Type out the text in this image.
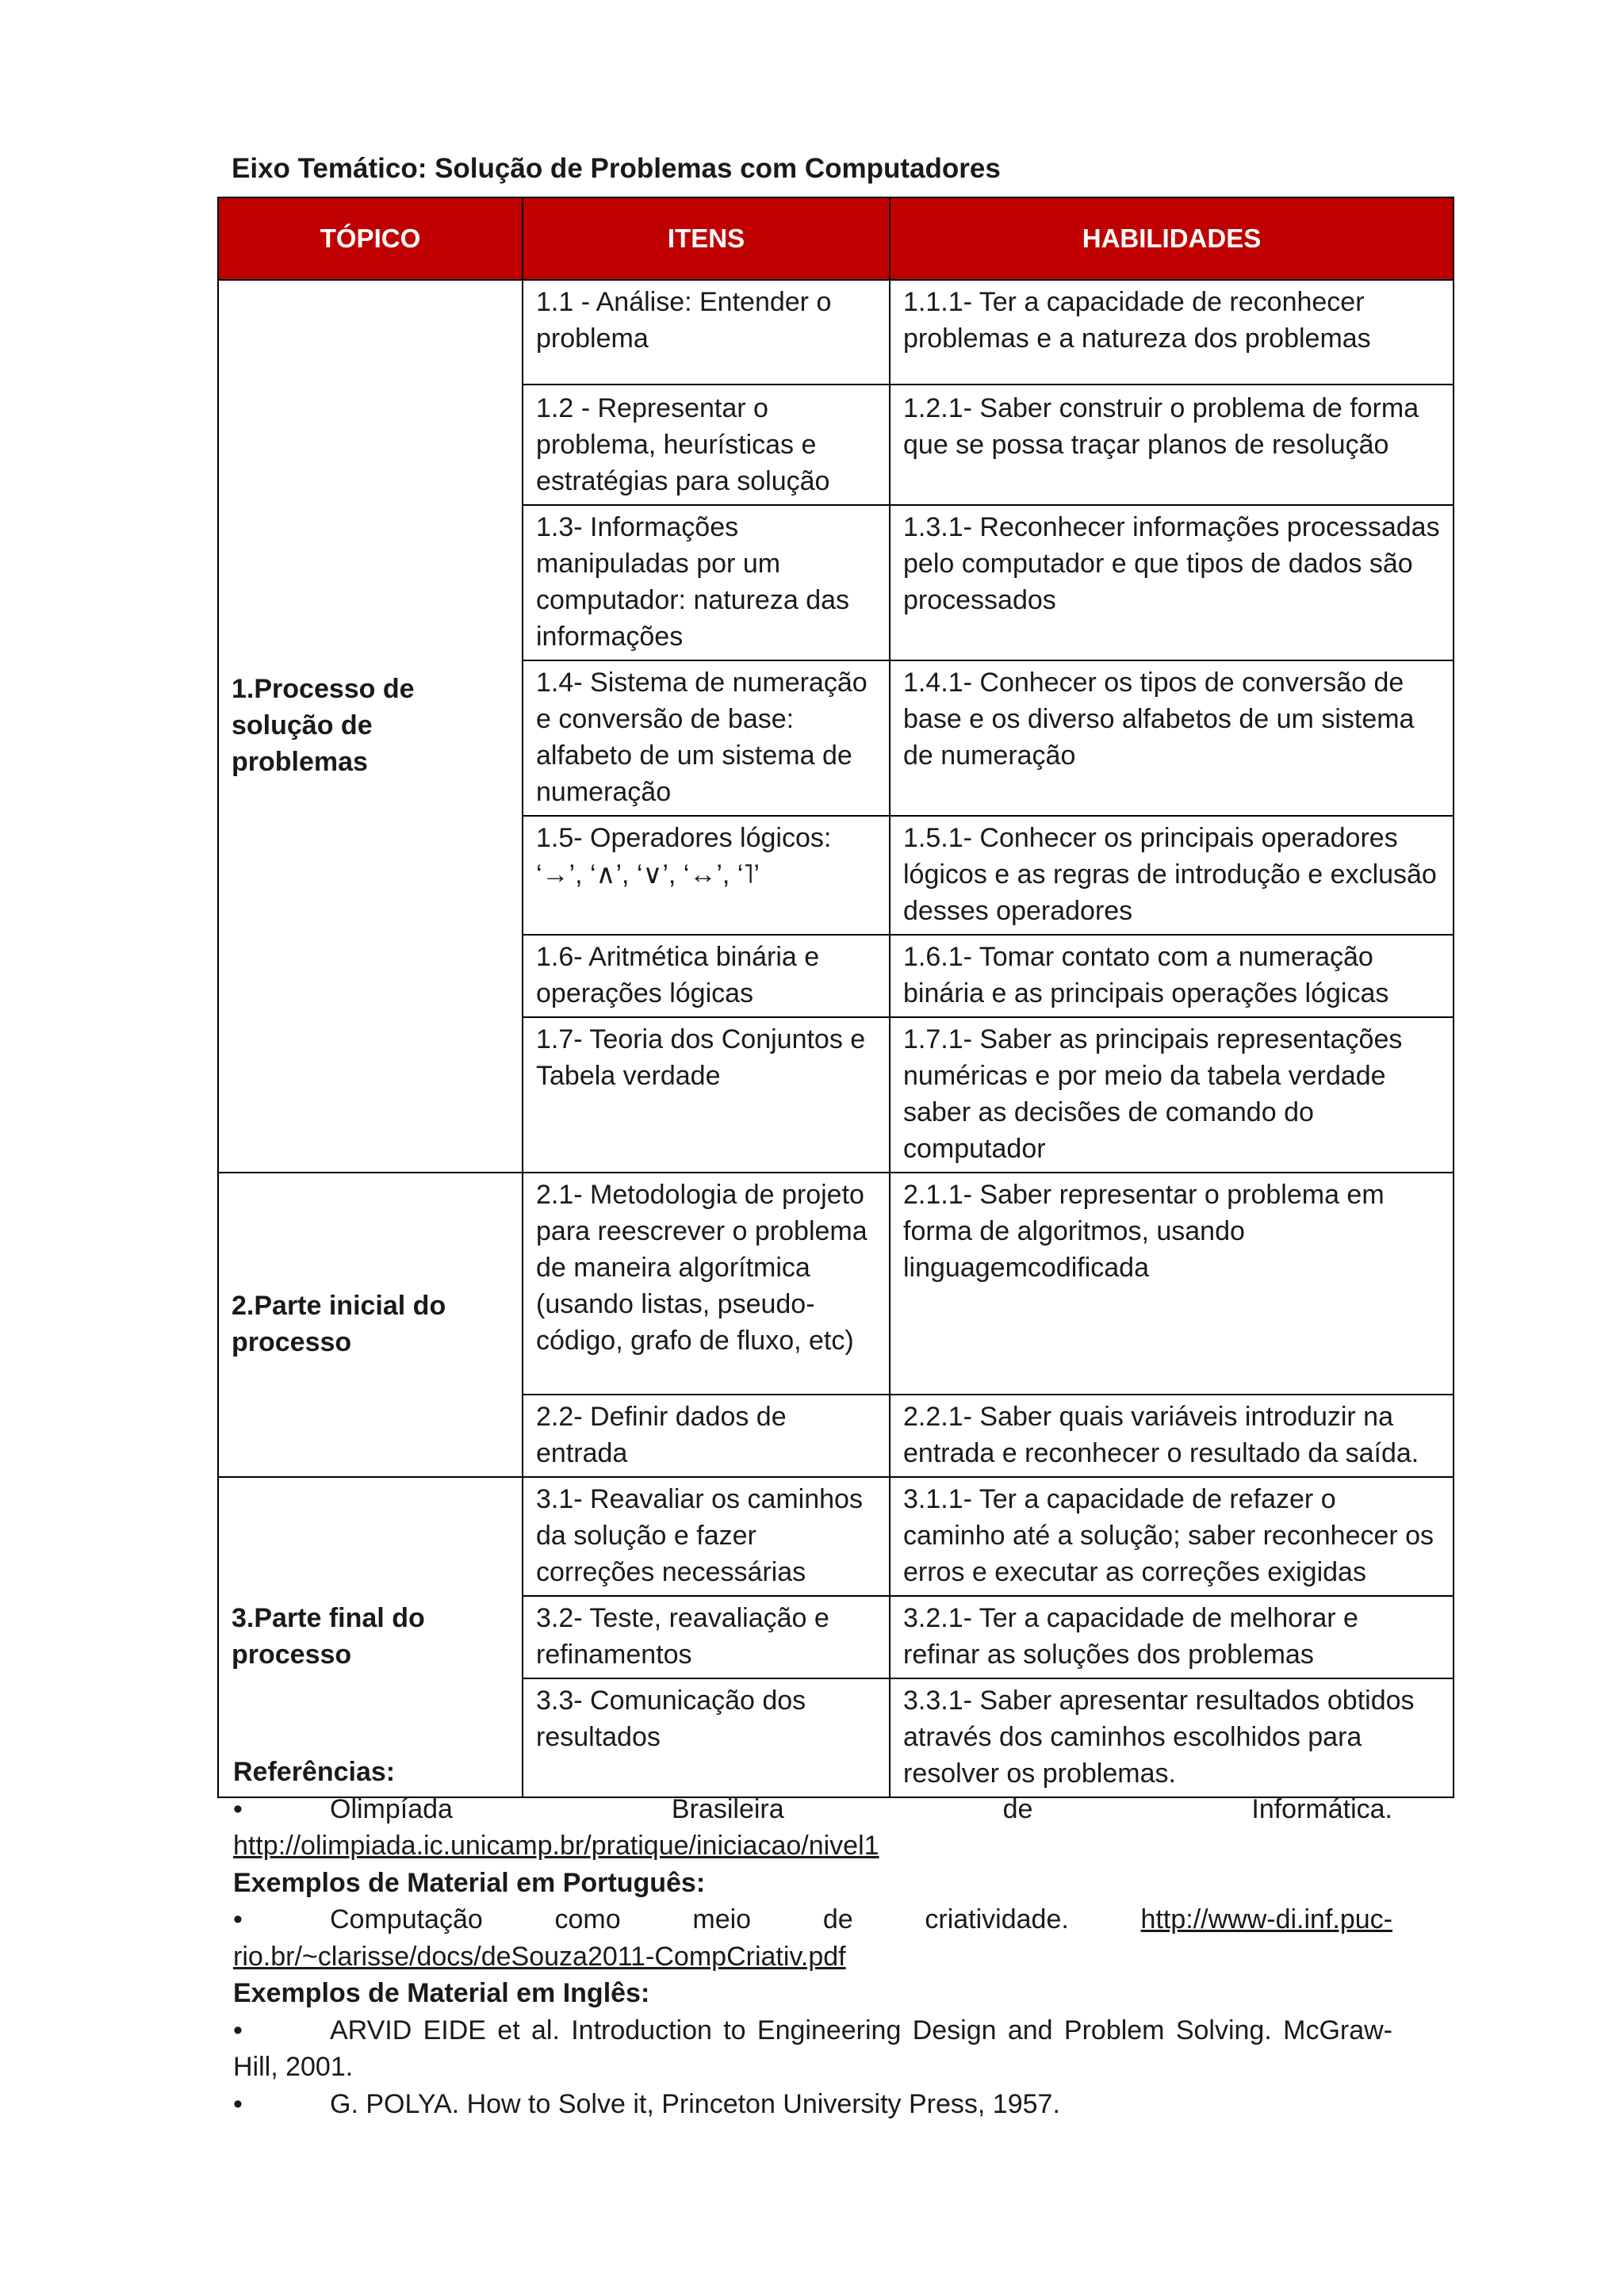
Eixo Temático: Solução de Problemas com Computadores
TÓPICO	ITENS	HABILIDADES
1.Processo de solução de problemas	1.1 - Análise: Entender o problema	1.1.1- Ter a capacidade de reconhecer problemas e a natureza dos problemas
	1.2 - Representar o problema, heurísticas e estratégias para solução	1.2.1- Saber construir o problema de forma que se possa traçar planos de resolução
	1.3- Informações manipuladas por um computador: natureza das informações	1.3.1- Reconhecer informações processadas pelo computador e que tipos de dados são processados
	1.4- Sistema de numeração e conversão de base: alfabeto de um sistema de numeração	1.4.1- Conhecer os tipos de conversão de base e os diverso alfabetos de um sistema de numeração
	1.5- Operadores lógicos: ‘→’, ‘∧’, ‘∨’, ‘↔’, ‘˥’	1.5.1- Conhecer os principais operadores lógicos e as regras de introdução e exclusão desses operadores
	1.6- Aritmética binária e operações lógicas	1.6.1- Tomar contato com a numeração binária e as principais operações lógicas
	1.7- Teoria dos Conjuntos e Tabela verdade	1.7.1- Saber as principais representações numéricas e por meio da tabela verdade saber as decisões de comando do computador
2.Parte inicial do processo	2.1- Metodologia de projeto para reescrever o problema de maneira algorítmica (usando listas, pseudo-código, grafo de fluxo, etc)	2.1.1- Saber representar o problema em forma de algoritmos, usando linguagemcodificada
	2.2- Definir dados de entrada	2.2.1- Saber quais variáveis introduzir na entrada e reconhecer o resultado da saída.
3.Parte final do processo	3.1- Reavaliar os caminhos da solução e fazer correções necessárias	3.1.1- Ter a capacidade de refazer o caminho até a solução; saber reconhecer os erros e executar as correções exigidas
	3.2- Teste, reavaliação e refinamentos	3.2.1- Ter a capacidade de melhorar e refinar as soluções dos problemas
	3.3- Comunicação dos resultados	3.3.1- Saber apresentar resultados obtidos através dos caminhos escolhidos para resolver os problemas.
Referências:
•	Olimpíada	Brasileira	de	Informática.
http://olimpiada.ic.unicamp.br/pratique/iniciacao/nivel1
Exemplos de Material em Português:
•	Computação	como	meio	de	criatividade.	http://www-di.inf.puc-
rio.br/~clarisse/docs/deSouza2011-CompCriativ.pdf
Exemplos de Material em Inglês:
•	ARVID EIDE et al. Introduction to Engineering Design and Problem Solving. McGraw-
Hill, 2001.
•	G. POLYA. How to Solve it, Princeton University Press, 1957.
